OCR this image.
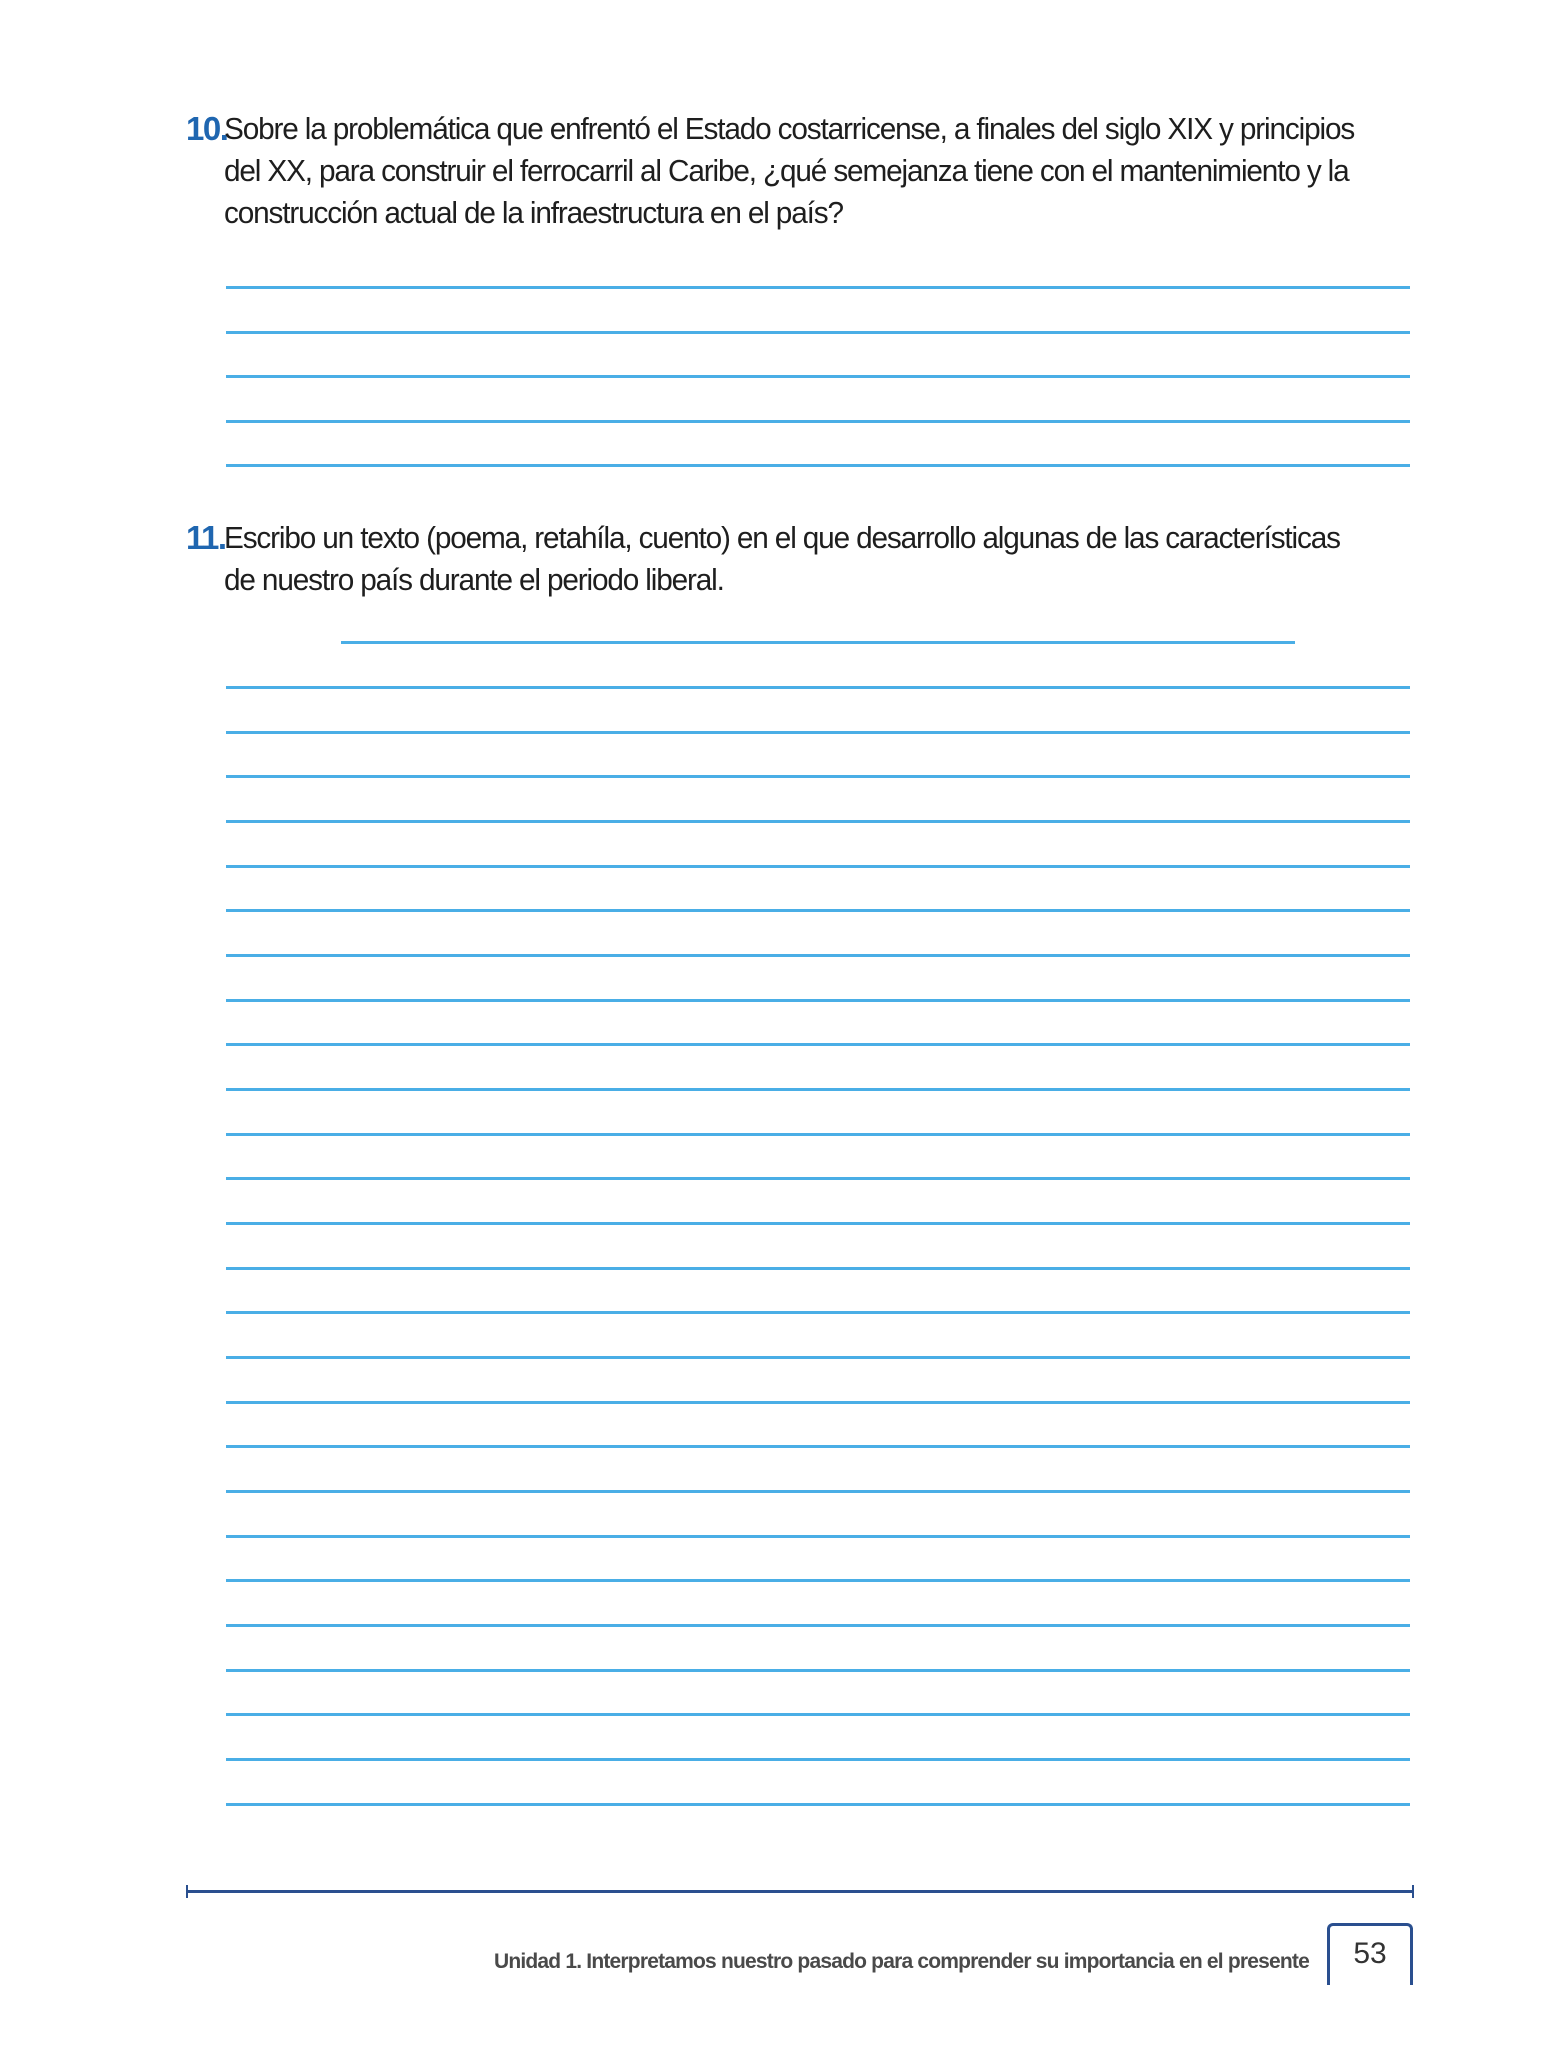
10.
Sobre la problemática que enfrentó el Estado costarricense, a finales del siglo XIX y principios del XX, para construir el ferrocarril al Caribe, ¿qué semejanza tiene con el mantenimiento y la construcción actual de la infraestructura en el país?
11.
Escribo un texto (poema, retahíla, cuento) en el que desarrollo algunas de las características de nuestro país durante el periodo liberal.
Unidad 1. Interpretamos nuestro pasado para comprender su importancia en el presente	53
